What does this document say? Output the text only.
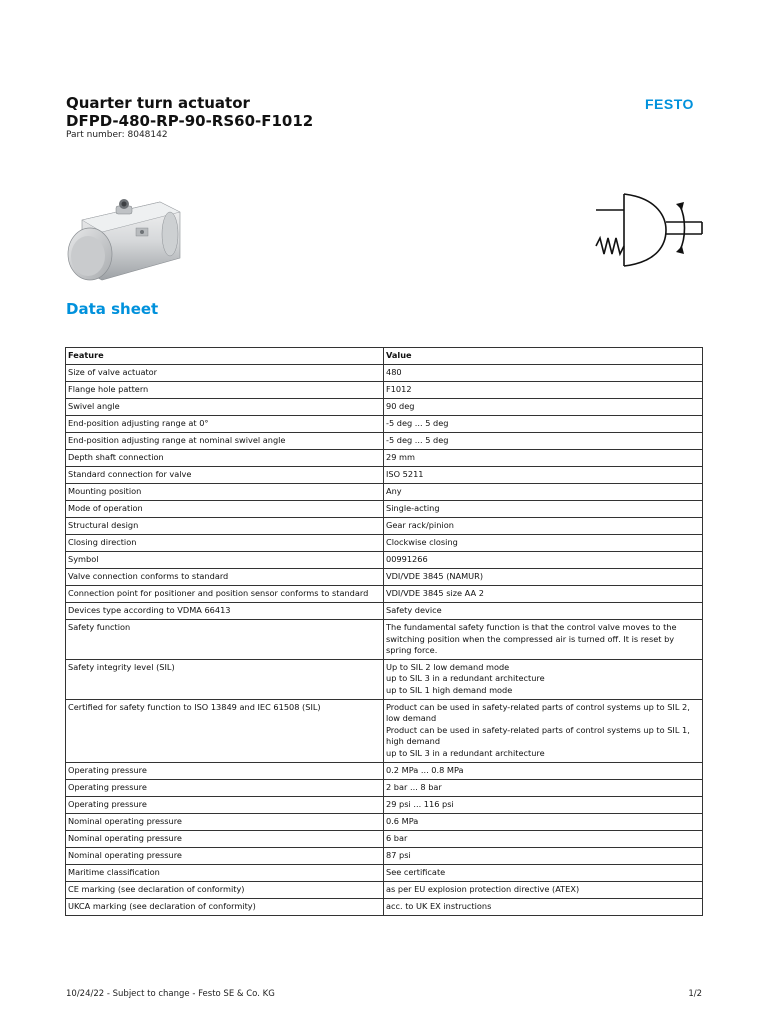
Quarter turn actuator
DFPD-480-RP-90-RS60-F1012
Part number: 8048142
FESTO
Data sheet
Feature	Value
Size of valve actuator	480
Flange hole pattern	F1012
Swivel angle	90 deg
End-position adjusting range at 0°	-5 deg ... 5 deg
End-position adjusting range at nominal swivel angle	-5 deg ... 5 deg
Depth shaft connection	29 mm
Standard connection for valve	ISO 5211
Mounting position	Any
Mode of operation	Single-acting
Structural design	Gear rack/pinion
Closing direction	Clockwise closing
Symbol	00991266
Valve connection conforms to standard	VDI/VDE 3845 (NAMUR)
Connection point for positioner and position sensor conforms to standard	VDI/VDE 3845 size AA 2
Devices type according to VDMA 66413	Safety device
Safety function	The fundamental safety function is that the control valve moves to the switching position when the compressed air is turned off. It is reset by spring force.
Safety integrity level (SIL)	Up to SIL 2 low demand mode
up to SIL 3 in a redundant architecture
up to SIL 1 high demand mode
Certified for safety function to ISO 13849 and IEC 61508 (SIL)	Product can be used in safety-related parts of control systems up to SIL 2, low demand
Product can be used in safety-related parts of control systems up to SIL 1, high demand
up to SIL 3 in a redundant architecture
Operating pressure	0.2 MPa ... 0.8 MPa
Operating pressure	2 bar ... 8 bar
Operating pressure	29 psi ... 116 psi
Nominal operating pressure	0.6 MPa
Nominal operating pressure	6 bar
Nominal operating pressure	87 psi
Maritime classification	See certificate
CE marking (see declaration of conformity)	as per EU explosion protection directive (ATEX)
UKCA marking (see declaration of conformity)	acc. to UK EX instructions
10/24/22 - Subject to change - Festo SE & Co. KG	1/2
